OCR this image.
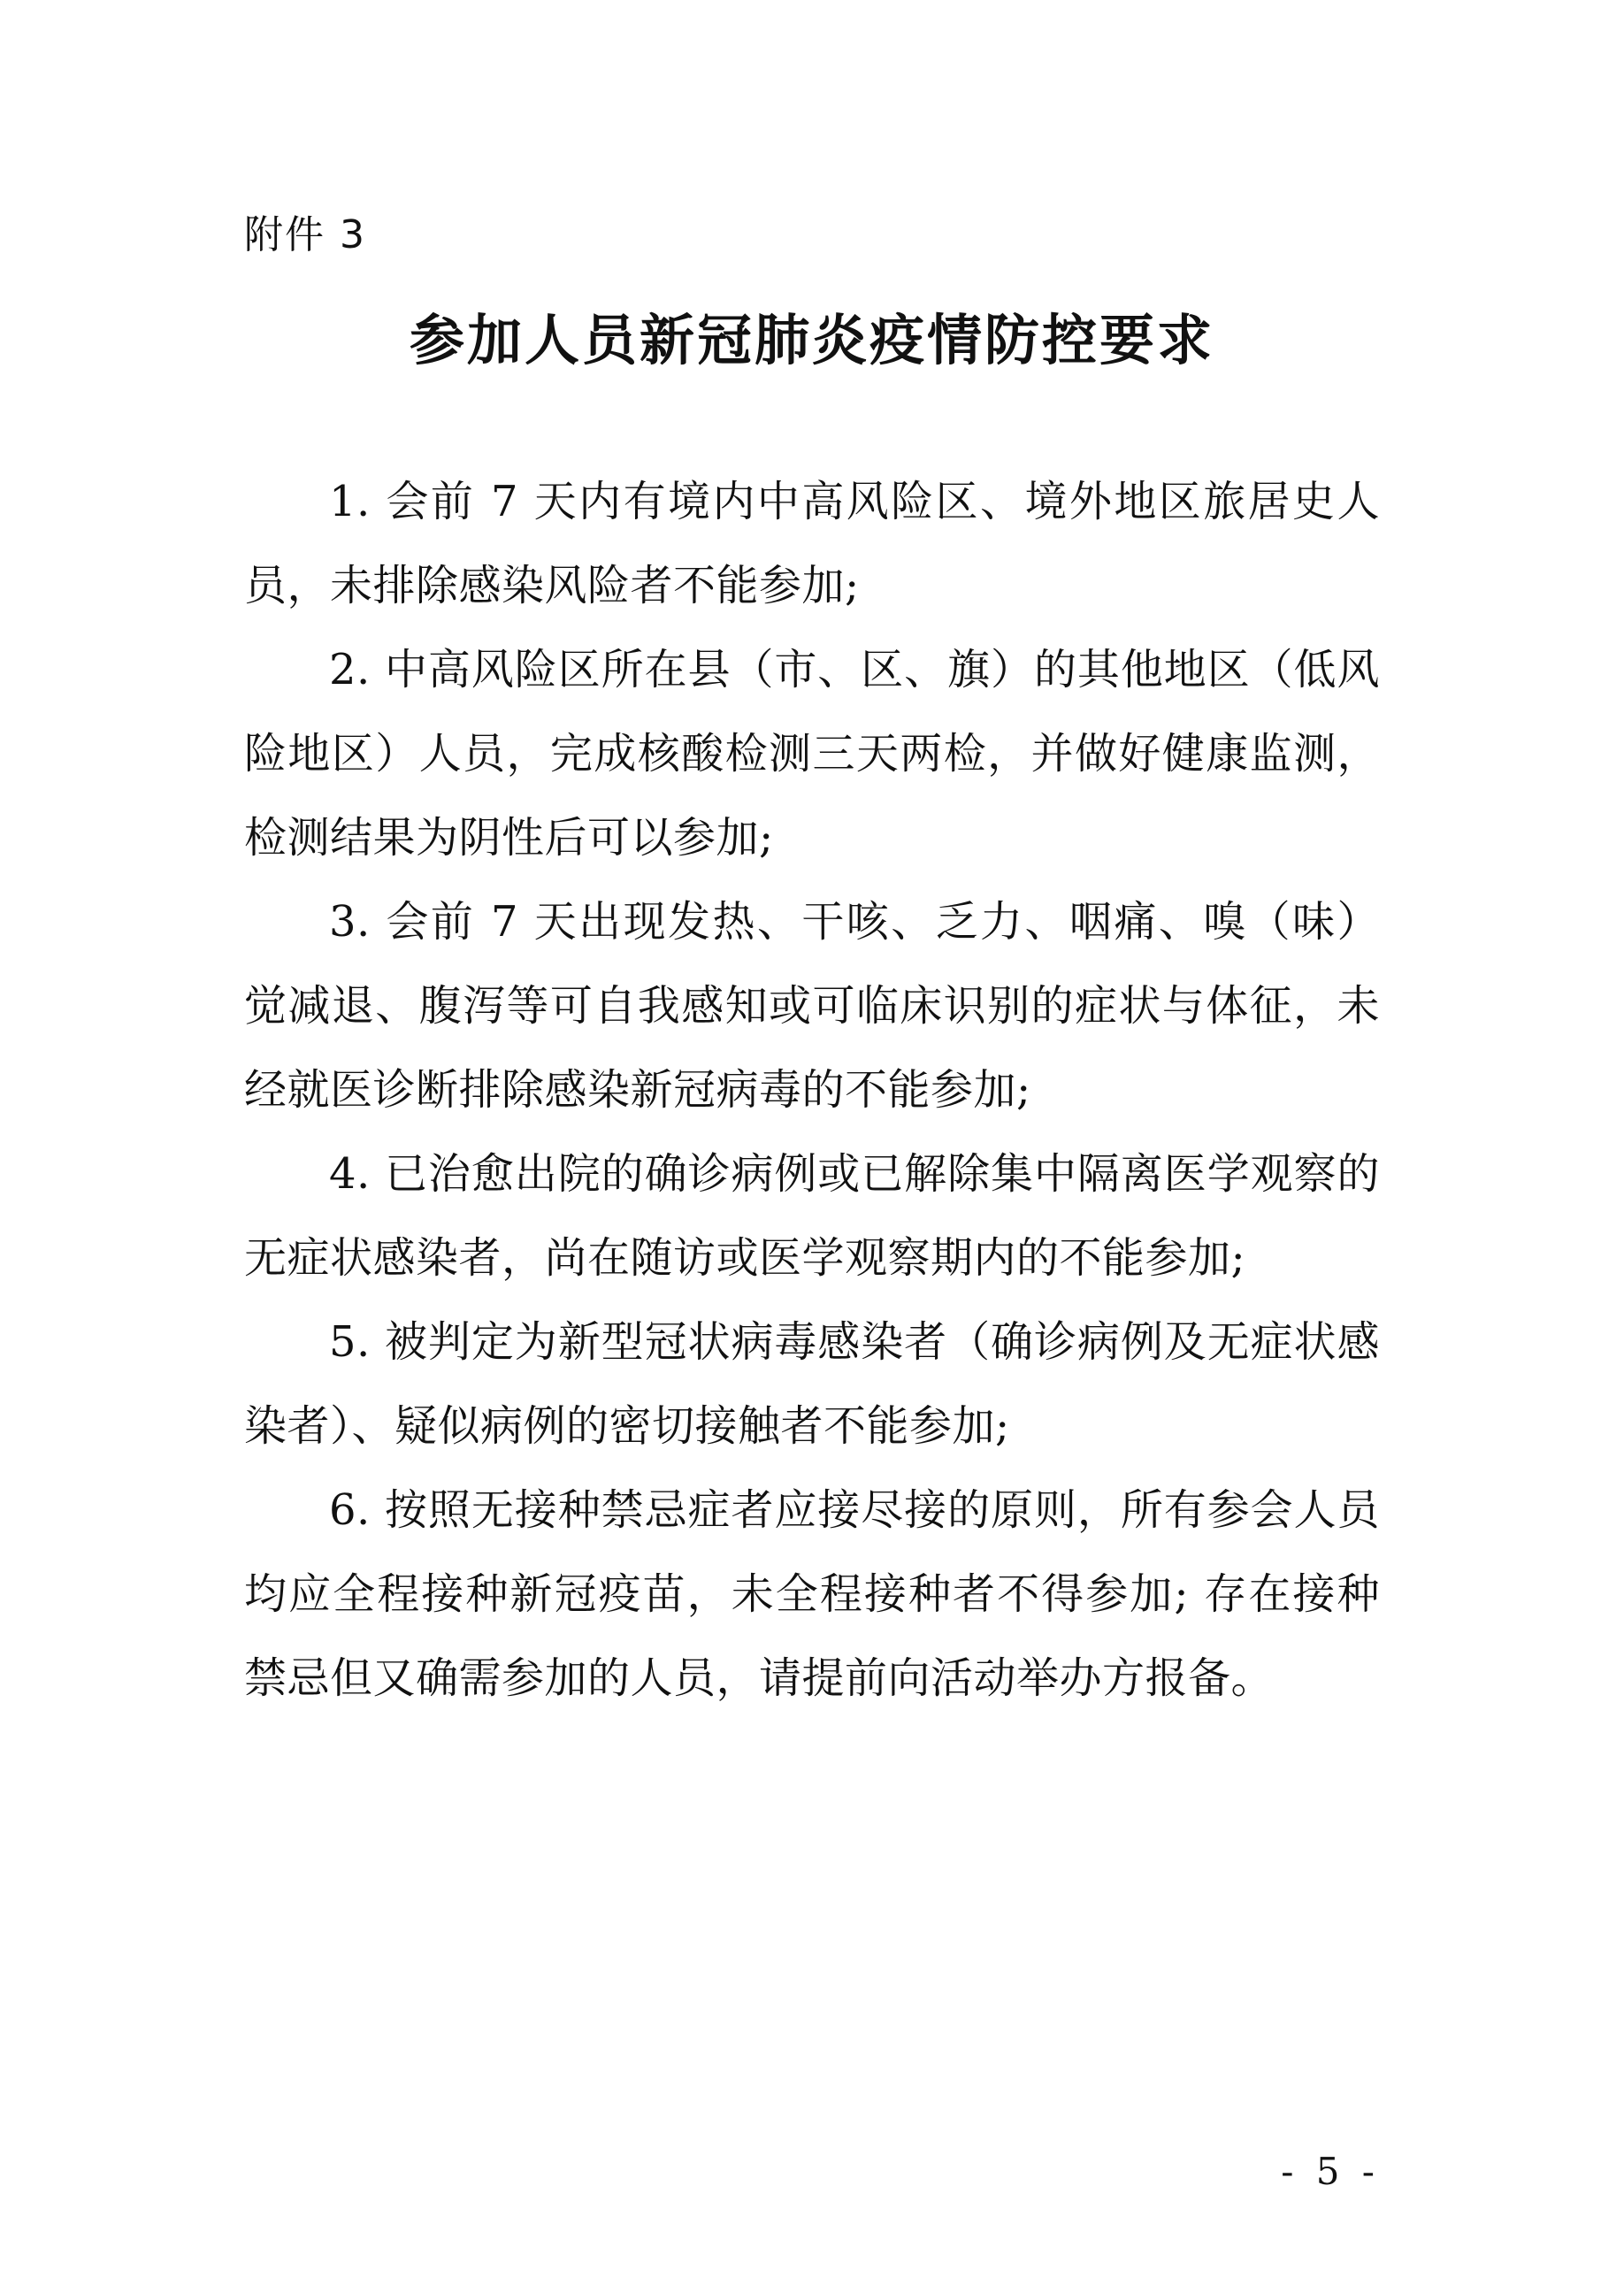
附件 3
参加人员新冠肺炎疫情防控要求

1. 会前 7 天内有境内中高风险区、境外地区旅居史人员，未排除感染风险者不能参加;

2. 中高风险区所在县（市、区、旗）的其他地区（低风险地区）人员，完成核酸检测三天两检，并做好健康监测，检测结果为阴性后可以参加;

3. 会前 7 天出现发热、干咳、乏力、咽痛、嗅（味）觉减退、腹泻等可自我感知或可临床识别的症状与体征，未经就医诊断排除感染新冠病毒的不能参加;

4. 已治愈出院的确诊病例或已解除集中隔离医学观察的无症状感染者，尚在随访或医学观察期内的不能参加;

5. 被判定为新型冠状病毒感染者（确诊病例及无症状感染者）、疑似病例的密切接触者不能参加;

6. 按照无接种禁忌症者应接尽接的原则，所有参会人员均应全程接种新冠疫苗，未全程接种者不得参加; 存在接种禁忌但又确需参加的人员，请提前向活动举办方报备。

- 5 -
